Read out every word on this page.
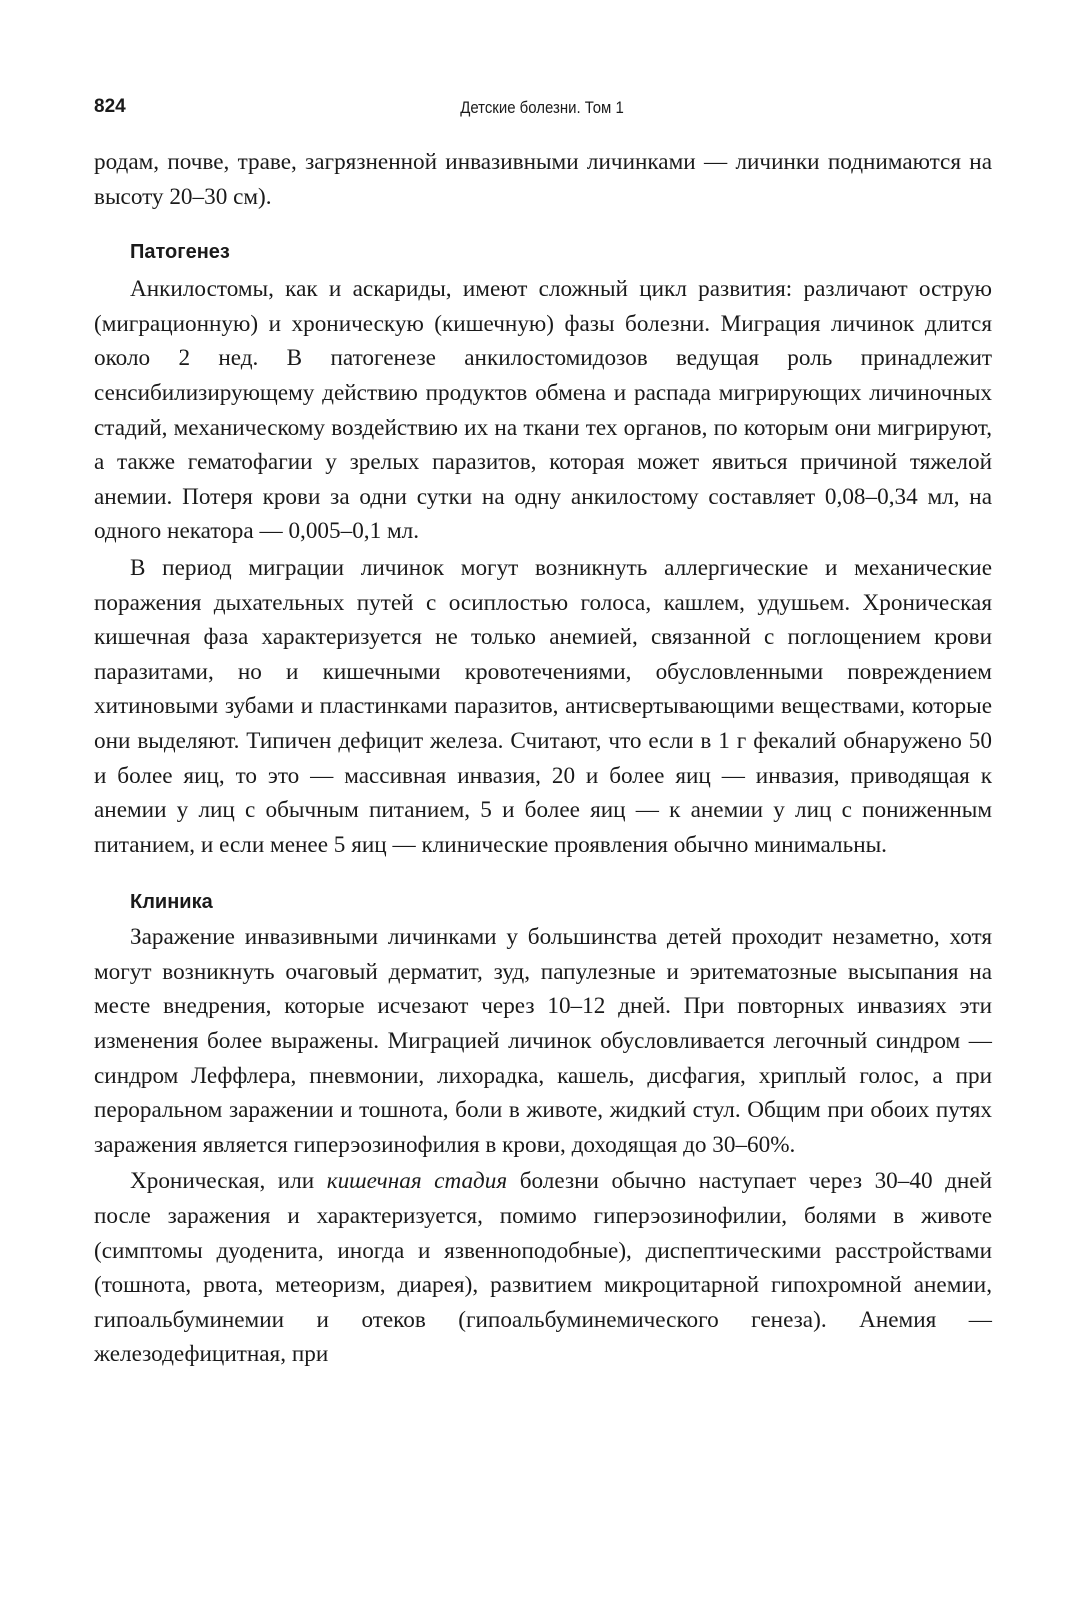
824	Детские болезни. Том 1

родам, почве, траве, загрязненной инвазивными личинками — личинки поднимаются на высоту 20–30 см).

Патогенез

Анкилостомы, как и аскариды, имеют сложный цикл развития: различают острую (миграционную) и хроническую (кишечную) фазы болезни. Миграция личинок длится около 2 нед. В патогенезе анкилостомидозов ведущая роль принадлежит сенсибилизирующему действию продуктов обмена и распада мигрирующих личиночных стадий, механическому воздействию их на ткани тех органов, по которым они мигрируют, а также гематофагии у зрелых паразитов, которая может явиться причиной тяжелой анемии. Потеря крови за одни сутки на одну анкилостому составляет 0,08–0,34 мл, на одного некатора — 0,005–0,1 мл.

В период миграции личинок могут возникнуть аллергические и механические поражения дыхательных путей с осиплостью голоса, кашлем, удушьем. Хроническая кишечная фаза характеризуется не только анемией, связанной с поглощением крови паразитами, но и кишечными кровотечениями, обусловленными повреждением хитиновыми зубами и пластинками паразитов, антисвертывающими веществами, которые они выделяют. Типичен дефицит железа. Считают, что если в 1 г фекалий обнаружено 50 и более яиц, то это — массивная инвазия, 20 и более яиц — инвазия, приводящая к анемии у лиц с обычным питанием, 5 и более яиц — к анемии у лиц с пониженным питанием, и если менее 5 яиц — клинические проявления обычно минимальны.

Клиника

Заражение инвазивными личинками у большинства детей проходит незаметно, хотя могут возникнуть очаговый дерматит, зуд, папулезные и эритематозные высыпания на месте внедрения, которые исчезают через 10–12 дней. При повторных инвазиях эти изменения более выражены. Миграцией личинок обусловливается легочный синдром — синдром Леффлера, пневмонии, лихорадка, кашель, дисфагия, хриплый голос, а при пероральном заражении и тошнота, боли в животе, жидкий стул. Общим при обоих путях заражения является гиперэозинофилия в крови, доходящая до 30–60%.

Хроническая, или кишечная стадия болезни обычно наступает через 30–40 дней после заражения и характеризуется, помимо гиперэозинофилии, болями в животе (симптомы дуоденита, иногда и язвенноподобные), диспептическими расстройствами (тошнота, рвота, метеоризм, диарея), развитием микроцитарной гипохромной анемии, гипоальбуминемии и отеков (гипоальбуминемического генеза). Анемия — железодефицитная, при
